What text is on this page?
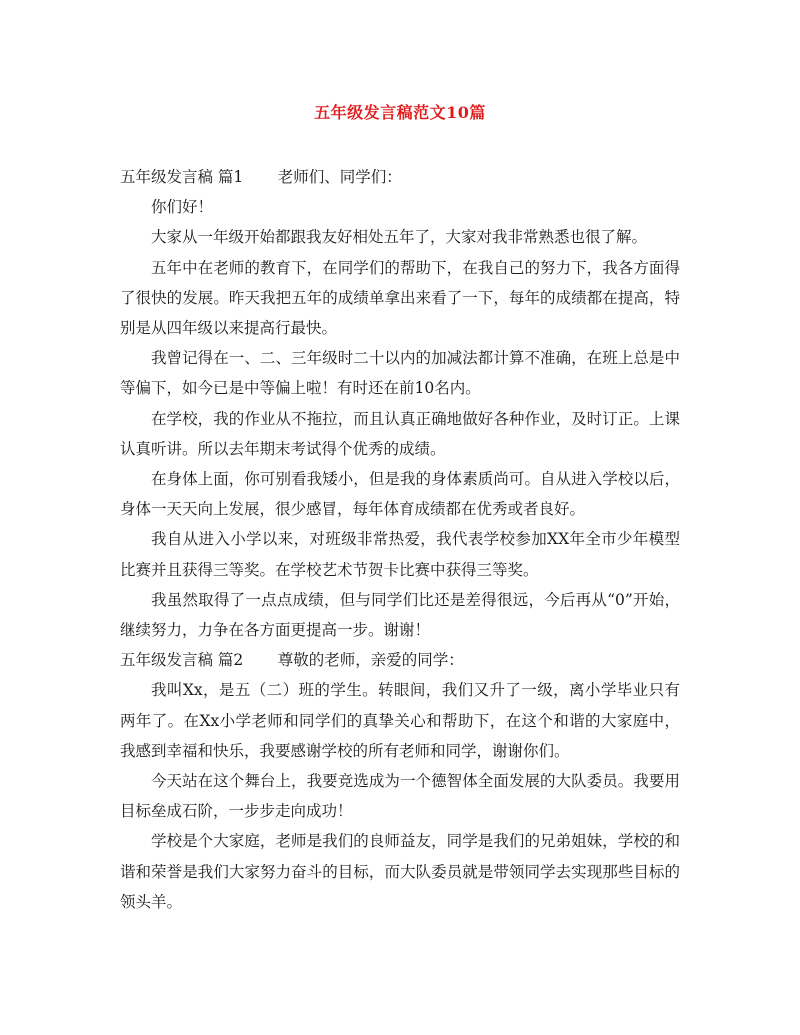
五年级发言稿范文10篇

五年级发言稿 篇1       老师们、同学们：

你们好！

大家从一年级开始都跟我友好相处五年了，大家对我非常熟悉也很了解。

五年中在老师的教育下，在同学们的帮助下，在我自己的努力下，我各方面得了很快的发展。昨天我把五年的成绩单拿出来看了一下，每年的成绩都在提高，特别是从四年级以来提高行最快。

我曾记得在一、二、三年级时二十以内的加减法都计算不准确，在班上总是中等偏下，如今已是中等偏上啦！有时还在前10名内。

在学校，我的作业从不拖拉，而且认真正确地做好各种作业，及时订正。上课认真听讲。所以去年期末考试得个优秀的成绩。

在身体上面，你可别看我矮小，但是我的身体素质尚可。自从进入学校以后，身体一天天向上发展，很少感冒，每年体育成绩都在优秀或者良好。

我自从进入小学以来，对班级非常热爱，我代表学校参加XX年全市少年模型比赛并且获得三等奖。在学校艺术节贺卡比赛中获得三等奖。

我虽然取得了一点点成绩，但与同学们比还是差得很远，今后再从“0”开始，继续努力，力争在各方面更提高一步。谢谢！

五年级发言稿 篇2       尊敬的老师，亲爱的同学：

我叫Xx，是五（二）班的学生。转眼间，我们又升了一级，离小学毕业只有两年了。在Xx小学老师和同学们的真挚关心和帮助下，在这个和谐的大家庭中，我感到幸福和快乐，我要感谢学校的所有老师和同学，谢谢你们。

今天站在这个舞台上，我要竞选成为一个德智体全面发展的大队委员。我要用目标垒成石阶，一步步走向成功！

学校是个大家庭，老师是我们的良师益友，同学是我们的兄弟姐妹，学校的和谐和荣誉是我们大家努力奋斗的目标，而大队委员就是带领同学去实现那些目标的领头羊。
